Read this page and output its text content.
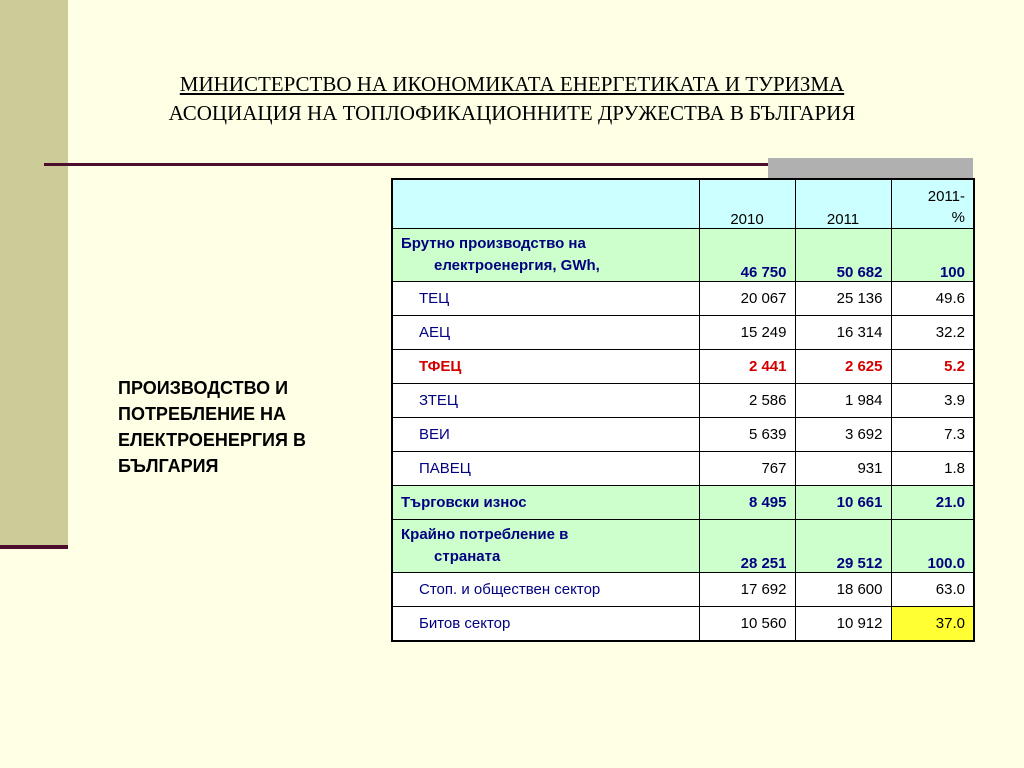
МИНИСТЕРСТВО НА ИКОНОМИКАТА ЕНЕРГЕТИКАТА И ТУРИЗМА
АСОЦИАЦИЯ НА ТОПЛОФИКАЦИОННИТЕ ДРУЖЕСТВА В БЪЛГАРИЯ
ПРОИЗВОДСТВО И ПОТРЕБЛЕНИЕ НА ЕЛЕКТРОЕНЕРГИЯ В БЪЛГАРИЯ
	2010	2011	2011-
%
Брутно производство на
електроенергия, GWh,	46 750	50 682	100
ТЕЦ	20 067	25 136	49.6
АЕЦ	15 249	16 314	32.2
ТФЕЦ	2 441	2 625	5.2
ЗТЕЦ	2 586	1 984	3.9
ВЕИ	5 639	3 692	7.3
ПАВЕЦ	767	931	1.8
Търговски износ	8 495	10 661	21.0
Крайно потребление в
страната	28 251	29 512	100.0
Стоп. и обществен сектор	17 692	18 600	63.0
Битов сектор	10 560	10 912	37.0
